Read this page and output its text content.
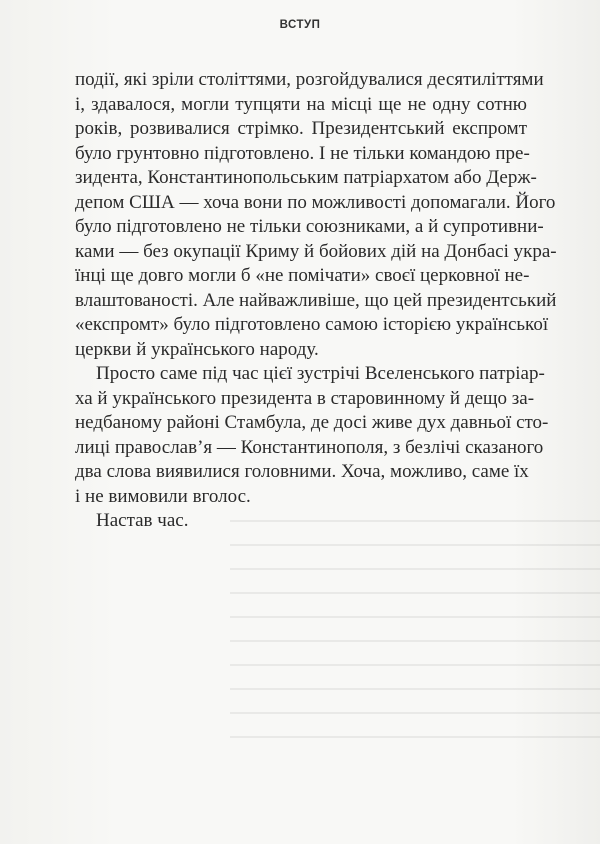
ВСТУП
події, які зріли століттями, розгойдувалися десятиліттями
і, здавалося, могли тупцяти на місці ще не одну сотню
років, розвивалися стрімко. Президентський експромт
було грунтовно підготовлено. І не тільки командою пре-
зидента, Константинопольським патріархатом або Держ-
депом США — хоча вони по можливості допомагали. Його
було підготовлено не тільки союзниками, а й супротивни-
ками — без окупації Криму й бойових дій на Донбасі укра-
їнці ще довго могли б «не помічати» своєї церковної не-
влаштованості. Але найважливіше, що цей президентський
«експромт» було підготовлено самою історією української
церкви й українського народу.
Просто саме під час цієї зустрічі Вселенського патріар-
ха й українського президента в старовинному й дещо за-
недбаному районі Стамбула, де досі живе дух давньої сто-
лиці православ’я — Константинополя, з безлічі сказаного
два слова виявилися головними. Хоча, можливо, саме їх
і не вимовили вголос.
Настав час.
